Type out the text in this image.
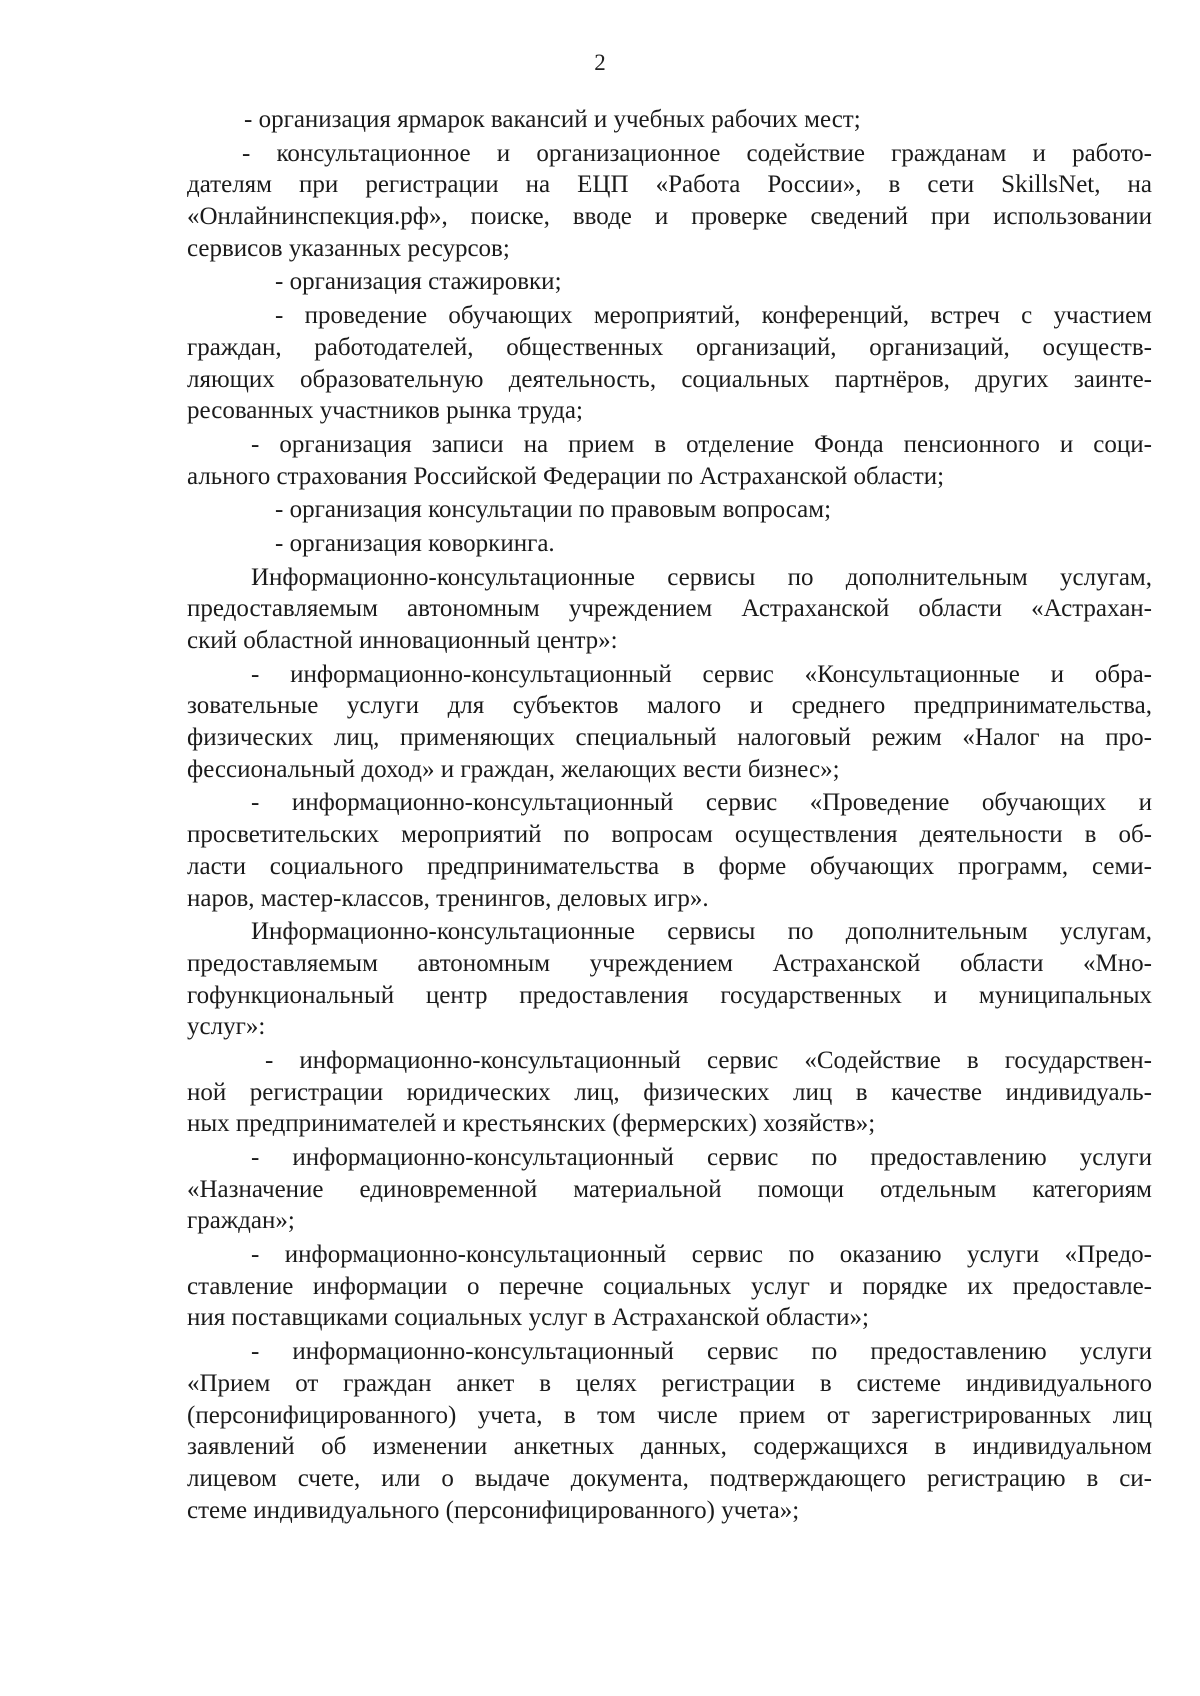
2
- организация ярмарок вакансий и учебных рабочих мест;
- консультационное и организационное содействие гражданам и работо-
дателям при регистрации на ЕЦП «Работа России», в сети SkillsNet, на
«Онлайнинспекция.рф», поиске, вводе и проверке сведений при использовании
сервисов указанных ресурсов;
- организация стажировки;
- проведение обучающих мероприятий, конференций, встреч с участием
граждан, работодателей, общественных организаций, организаций, осуществ-
ляющих образовательную деятельность, социальных партнёров, других заинте-
ресованных участников рынка труда;
- организация записи на прием в отделение Фонда пенсионного и соци-
ального страхования Российской Федерации по Астраханской области;
- организация консультации по правовым вопросам;
- организация коворкинга.
Информационно-консультационные сервисы по дополнительным услугам,
предоставляемым автономным учреждением Астраханской области «Астрахан-
ский областной инновационный центр»:
- информационно-консультационный сервис «Консультационные и обра-
зовательные услуги для субъектов малого и среднего предпринимательства,
физических лиц, применяющих специальный налоговый режим «Налог на про-
фессиональный доход» и граждан, желающих вести бизнес»;
- информационно-консультационный сервис «Проведение обучающих и
просветительских мероприятий по вопросам осуществления деятельности в об-
ласти социального предпринимательства в форме обучающих программ, семи-
наров, мастер-классов, тренингов, деловых игр».
Информационно-консультационные сервисы по дополнительным услугам,
предоставляемым автономным учреждением Астраханской области «Мно-
гофункциональный центр предоставления государственных и муниципальных
услуг»:
- информационно-консультационный сервис «Содействие в государствен-
ной регистрации юридических лиц, физических лиц в качестве индивидуаль-
ных предпринимателей и крестьянских (фермерских) хозяйств»;
- информационно-консультационный сервис по предоставлению услуги
«Назначение единовременной материальной помощи отдельным категориям
граждан»;
- информационно-консультационный сервис по оказанию услуги «Предо-
ставление информации о перечне социальных услуг и порядке их предоставле-
ния поставщиками социальных услуг в Астраханской области»;
- информационно-консультационный сервис по предоставлению услуги
«Прием от граждан анкет в целях регистрации в системе индивидуального
(персонифицированного) учета, в том числе прием от зарегистрированных лиц
заявлений об изменении анкетных данных, содержащихся в индивидуальном
лицевом счете, или о выдаче документа, подтверждающего регистрацию в си-
стеме индивидуального (персонифицированного) учета»;
